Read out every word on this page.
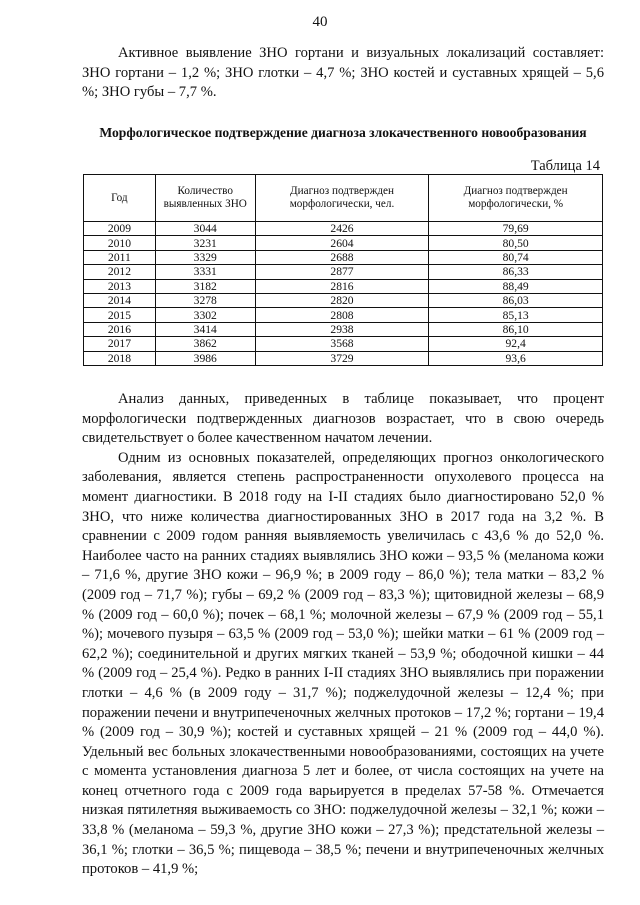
40

Активное выявление ЗНО гортани и визуальных локализаций составляет: ЗНО гортани – 1,2 %; ЗНО глотки – 4,7 %; ЗНО костей и суставных хрящей – 5,6 %; ЗНО губы – 7,7 %.

Морфологическое подтверждение диагноза злокачественного новообразования
Таблица 14
Год	Количество выявленных ЗНО	Диагноз подтвержден морфологически, чел.	Диагноз подтвержден морфологически, %
2009	3044	2426	79,69
2010	3231	2604	80,50
2011	3329	2688	80,74
2012	3331	2877	86,33
2013	3182	2816	88,49
2014	3278	2820	86,03
2015	3302	2808	85,13
2016	3414	2938	86,10
2017	3862	3568	92,4
2018	3986	3729	93,6

Анализ данных, приведенных в таблице показывает, что процент морфологически подтвержденных диагнозов возрастает, что в свою очередь свидетельствует о более качественном начатом лечении.

Одним из основных показателей, определяющих прогноз онкологического заболевания, является степень распространенности опухолевого процесса на момент диагностики. В 2018 году на I-II стадиях было диагностировано 52,0 % ЗНО, что ниже количества диагностированных ЗНО в 2017 года на 3,2 %. В сравнении с 2009 годом ранняя выявляемость увеличилась с 43,6 % до 52,0 %. Наиболее часто на ранних стадиях выявлялись ЗНО кожи – 93,5 % (меланома кожи – 71,6 %, другие ЗНО кожи – 96,9 %; в 2009 году – 86,0 %); тела матки – 83,2 % (2009 год – 71,7 %); губы – 69,2 % (2009 год – 83,3 %); щитовидной железы – 68,9 % (2009 год – 60,0 %); почек – 68,1 %; молочной железы – 67,9 % (2009 год – 55,1 %); мочевого пузыря – 63,5 % (2009 год – 53,0 %); шейки матки – 61 % (2009 год – 62,2 %); соединительной и других мягких тканей – 53,9 %; ободочной кишки – 44 % (2009 год – 25,4 %). Редко в ранних I-II стадиях ЗНО выявлялись при поражении глотки – 4,6 % (в 2009 году – 31,7 %); поджелудочной железы – 12,4 %; при поражении печени и внутрипеченочных желчных протоков – 17,2 %; гортани – 19,4 % (2009 год – 30,9 %); костей и суставных хрящей – 21 % (2009 год – 44,0 %). Удельный вес больных злокачественными новообразованиями, состоящих на учете с момента установления диагноза 5 лет и более, от числа состоящих на учете на конец отчетного года с 2009 года варьируется в пределах 57-58 %. Отмечается низкая пятилетняя выживаемость со ЗНО: поджелудочной железы – 32,1 %; кожи – 33,8 % (меланома – 59,3 %, другие ЗНО кожи – 27,3 %); предстательной железы – 36,1 %; глотки – 36,5 %; пищевода – 38,5 %; печени и внутрипеченочных желчных протоков – 41,9 %;
